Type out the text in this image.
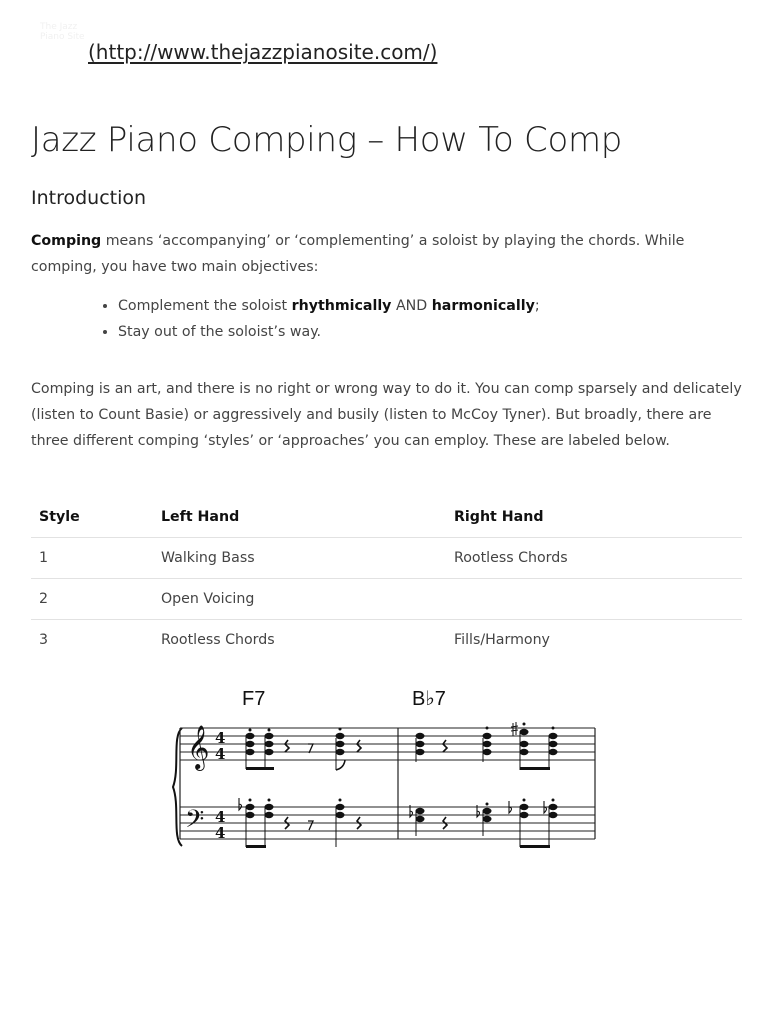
The Jazz Piano Site
(http://www.thejazzpianosite.com/)
Jazz Piano Comping – How To Comp
Introduction

Comping means ‘accompanying’ or ‘complementing’ a soloist by playing the chords. While comping, you have two main objectives:

• Complement the soloist rhythmically AND harmonically;
• Stay out of the soloist’s way.

Comping is an art, and there is no right or wrong way to do it. You can comp sparsely and delicately (listen to Count Basie) or aggressively and busily (listen to McCoy Tyner). But broadly, there are three different comping ‘styles’ or ‘approaches’ you can employ. These are labeled below.

Style	Left Hand	Right Hand
1	Walking Bass	Rootless Chords
2	Open Voicing	
3	Rootless Chords	Fills/Harmony
F7	B♭7
𝄞
𝄢
4
4
4
4
